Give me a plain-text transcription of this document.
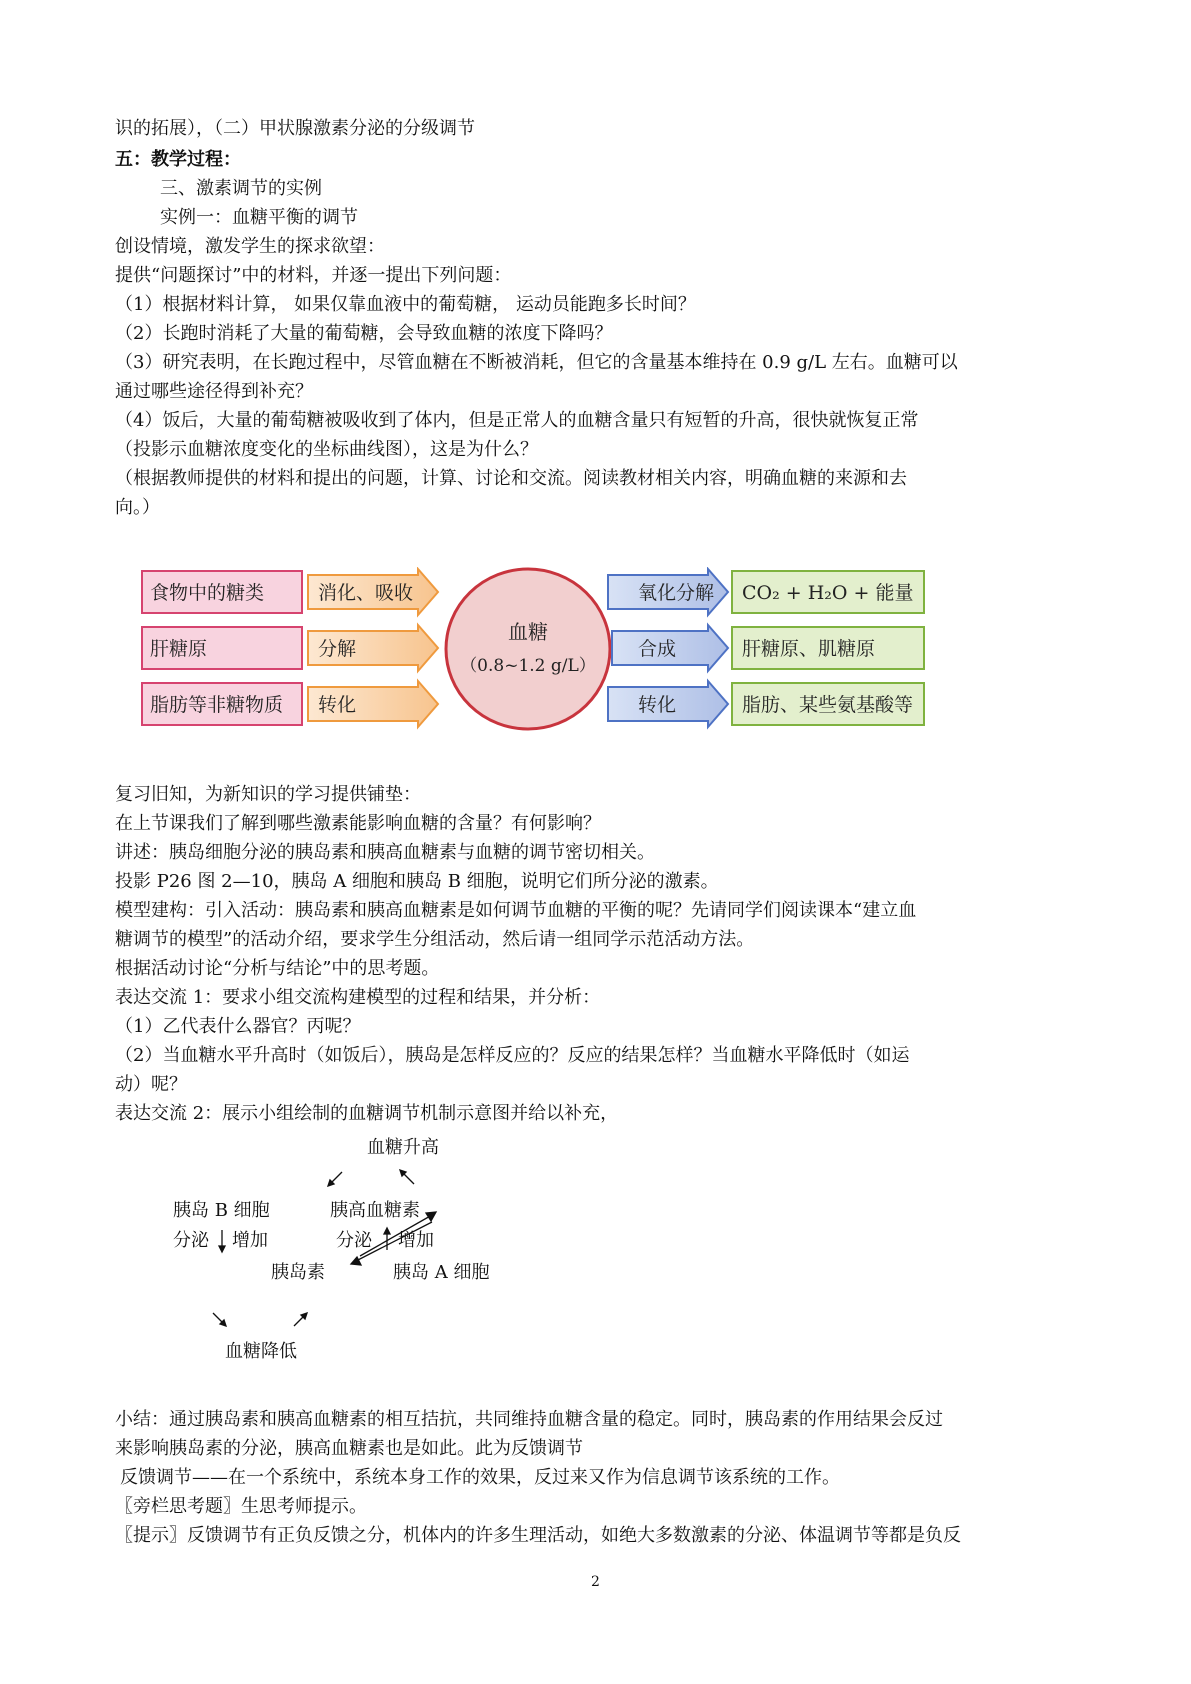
识的拓展），（二）甲状腺激素分泌的分级调节
五：教学过程：
三、激素调节的实例
实例一：血糖平衡的调节
创设情境，激发学生的探求欲望：
提供“问题探讨”中的材料，并逐一提出下列问题：
（1）根据材料计算， 如果仅靠血液中的葡萄糖， 运动员能跑多长时间？
（2）长跑时消耗了大量的葡萄糖，会导致血糖的浓度下降吗？
（3）研究表明，在长跑过程中，尽管血糖在不断被消耗，但它的含量基本维持在 0.9 g/L 左右。血糖可以
通过哪些途径得到补充？
（4）饭后，大量的葡萄糖被吸收到了体内，但是正常人的血糖含量只有短暂的升高，很快就恢复正常
（投影示血糖浓度变化的坐标曲线图），这是为什么？
（根据教师提供的材料和提出的问题，计算、讨论和交流。阅读教材相关内容，明确血糖的来源和去
向。）
食物中的糖类
肝糖原
脂肪等非糖物质
消化、吸收
分解
转化
血糖
（0.8~1.2 g/L）
氧化分解
合成
转化
CO₂ + H₂O + 能量
肝糖原、肌糖原
脂肪、某些氨基酸等
复习旧知，为新知识的学习提供铺垫：
在上节课我们了解到哪些激素能影响血糖的含量？有何影响？
讲述：胰岛细胞分泌的胰岛素和胰高血糖素与血糖的调节密切相关。
投影 P26 图 2—10，胰岛 A 细胞和胰岛 B 细胞，说明它们所分泌的激素。
模型建构：引入活动：胰岛素和胰高血糖素是如何调节血糖的平衡的呢？先请同学们阅读课本“建立血
糖调节的模型”的活动介绍，要求学生分组活动，然后请一组同学示范活动方法。
根据活动讨论“分析与结论”中的思考题。
表达交流 1：要求小组交流构建模型的过程和结果，并分析：
（1）乙代表什么器官？丙呢？
（2）当血糖水平升高时（如饭后），胰岛是怎样反应的？反应的结果怎样？当血糖水平降低时（如运
动）呢？
表达交流 2：展示小组绘制的血糖调节机制示意图并给以补充，
血糖升高
胰岛 B 细胞	胰高血糖素
分泌 增加	分泌 增加
胰岛素	胰岛 A 细胞
血糖降低
小结：通过胰岛素和胰高血糖素的相互拮抗，共同维持血糖含量的稳定。同时，胰岛素的作用结果会反过
来影响胰岛素的分泌，胰高血糖素也是如此。此为反馈调节
反馈调节——在一个系统中，系统本身工作的效果，反过来又作为信息调节该系统的工作。
〖旁栏思考题〗生思考师提示。
〖提示〗反馈调节有正负反馈之分，机体内的许多生理活动，如绝大多数激素的分泌、体温调节等都是负反
2
